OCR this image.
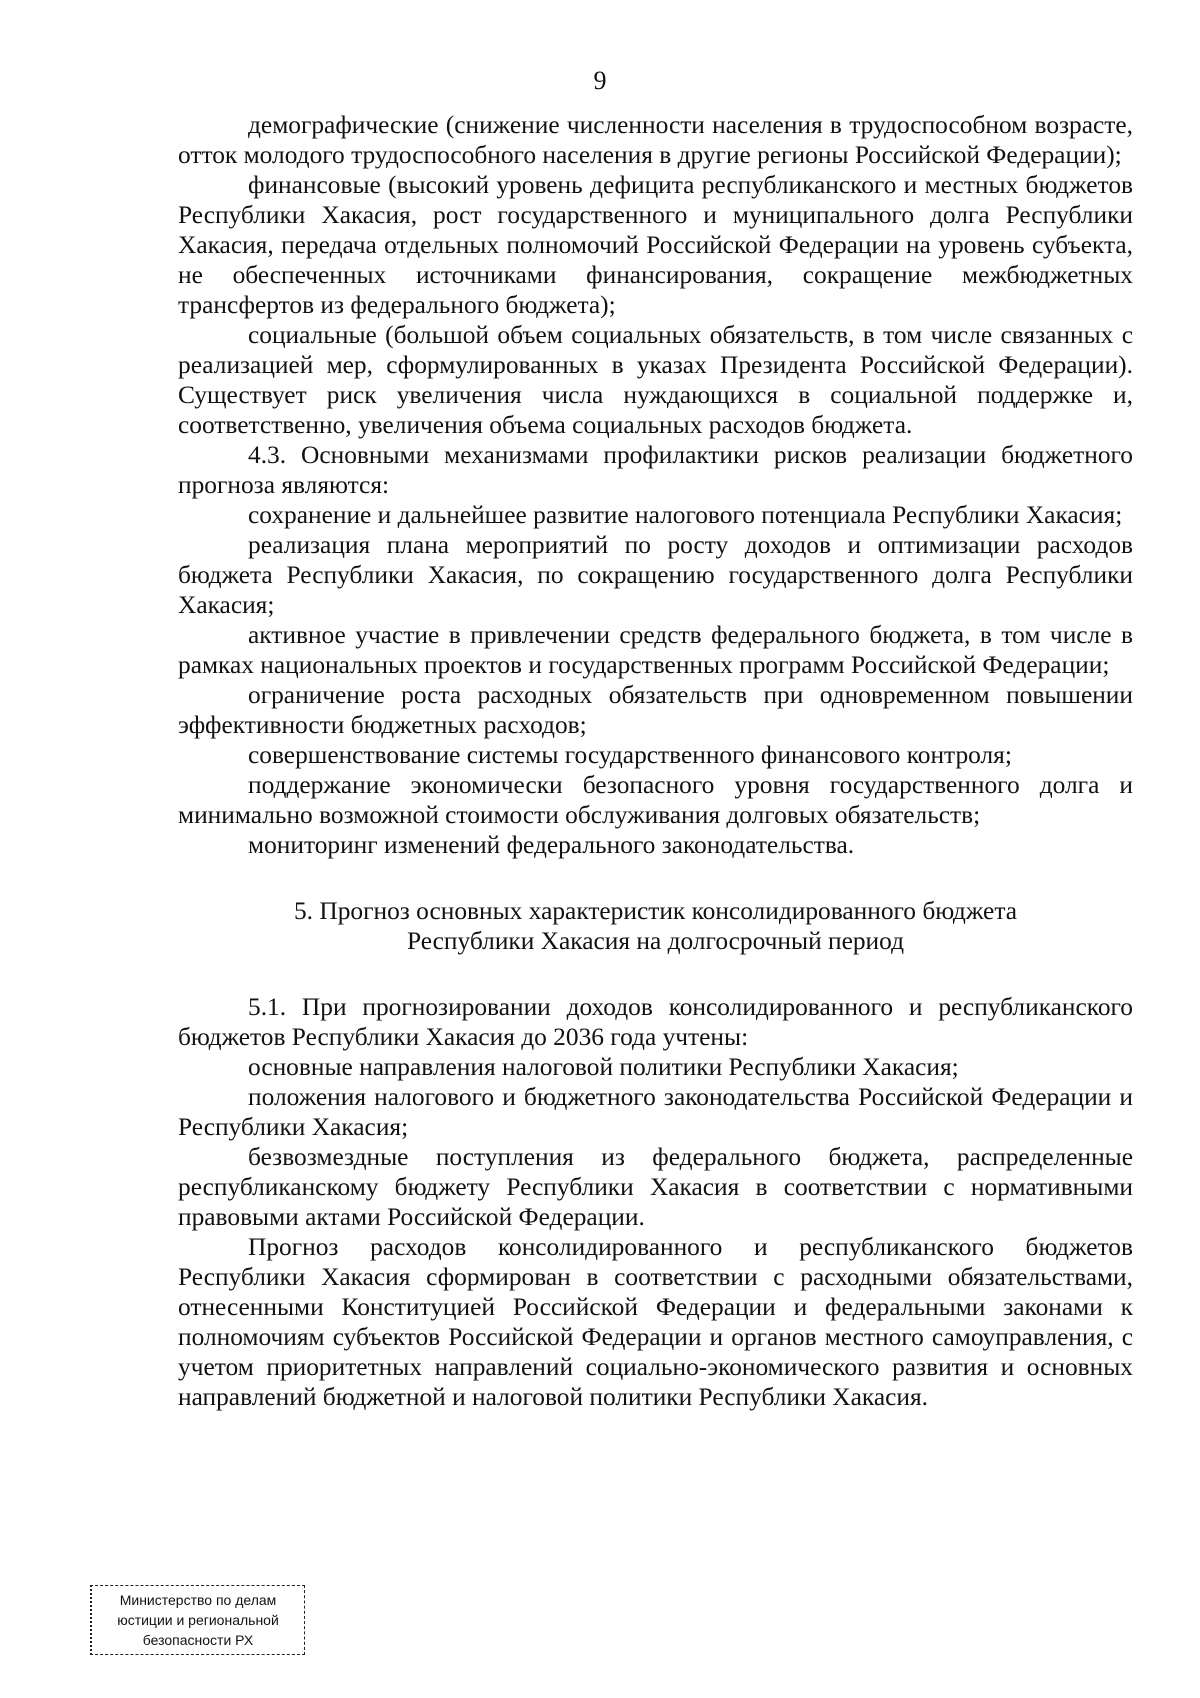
9

демографические (снижение численности населения в трудоспособном возрасте, отток молодого трудоспособного населения в другие регионы Российской Федерации);

финансовые (высокий уровень дефицита республиканского и местных бюджетов Республики Хакасия, рост государственного и муниципального долга Республики Хакасия, передача отдельных полномочий Российской Федерации на уровень субъекта, не обеспеченных источниками финансирования, сокращение межбюджетных трансфертов из федерального бюджета);

социальные (большой объем социальных обязательств, в том числе связанных с реализацией мер, сформулированных в указах Президента Российской Федерации). Существует риск увеличения числа нуждающихся в социальной поддержке и, соответственно, увеличения объема социальных расходов бюджета.

4.3. Основными механизмами профилактики рисков реализации бюджетного прогноза являются:

сохранение и дальнейшее развитие налогового потенциала Республики Хакасия;

реализация плана мероприятий по росту доходов и оптимизации расходов бюджета Республики Хакасия, по сокращению государственного долга Республики Хакасия;

активное участие в привлечении средств федерального бюджета, в том числе в рамках национальных проектов и государственных программ Российской Федерации;

ограничение роста расходных обязательств при одновременном повышении эффективности бюджетных расходов;

совершенствование системы государственного финансового контроля;

поддержание экономически безопасного уровня государственного долга и минимально возможной стоимости обслуживания долговых обязательств;

мониторинг изменений федерального законодательства.

5. Прогноз основных характеристик консолидированного бюджета
Республики Хакасия на долгосрочный период

5.1. При прогнозировании доходов консолидированного и республиканского бюджетов Республики Хакасия до 2036 года учтены:

основные направления налоговой политики Республики Хакасия;

положения налогового и бюджетного законодательства Российской Федерации и Республики Хакасия;

безвозмездные поступления из федерального бюджета, распределенные республиканскому бюджету Республики Хакасия в соответствии с нормативными правовыми актами Российской Федерации.

Прогноз расходов консолидированного и республиканского бюджетов Республики Хакасия сформирован в соответствии с расходными обязательствами, отнесенными Конституцией Российской Федерации и федеральными законами к полномочиям субъектов Российской Федерации и органов местного самоуправления, с учетом приоритетных направлений социально-экономического развития и основных направлений бюджетной и налоговой политики Республики Хакасия.

Министерство по делам
юстиции и региональной
безопасности РХ
